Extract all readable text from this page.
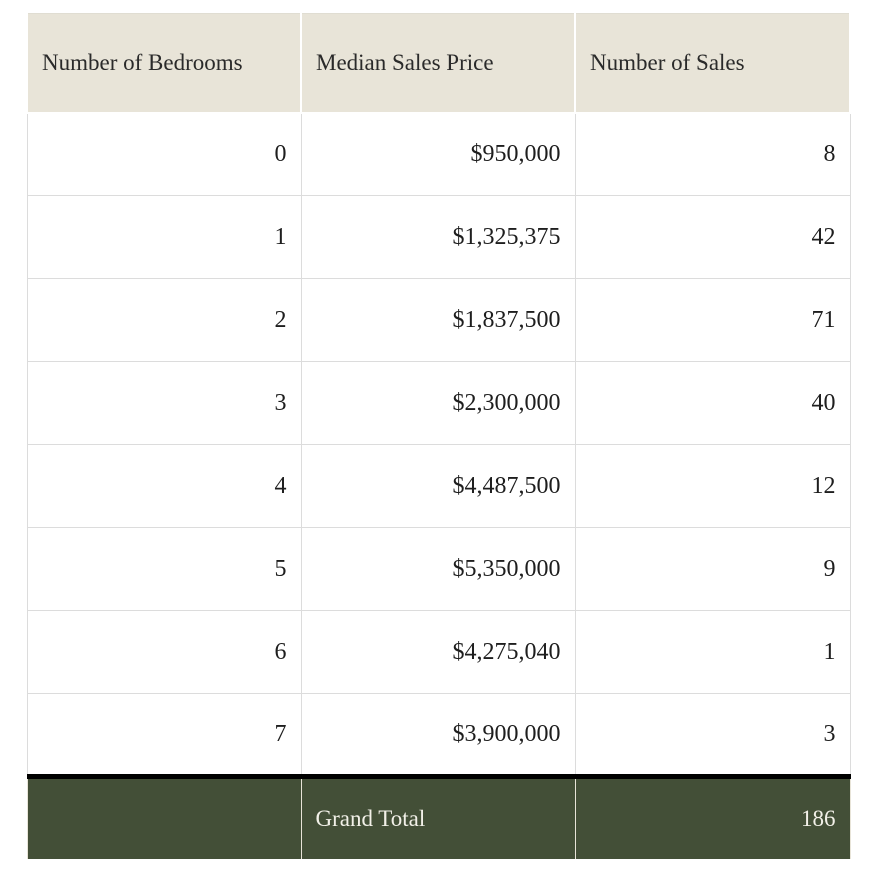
Number of Bedrooms	Median Sales Price	Number of Sales
0	$950,000	8
1	$1,325,375	42
2	$1,837,500	71
3	$2,300,000	40
4	$4,487,500	12
5	$5,350,000	9
6	$4,275,040	1
7	$3,900,000	3
	Grand Total	186
